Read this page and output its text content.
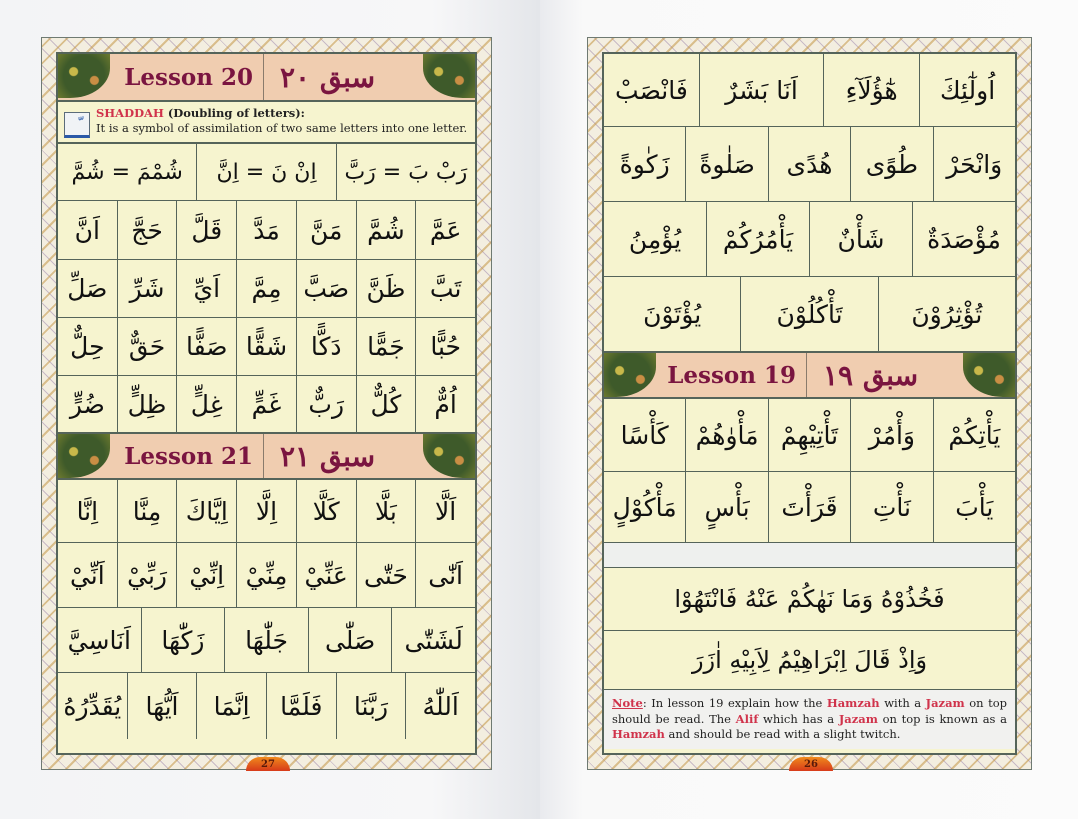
Lesson 20 سبق ٢٠
SHADDAH (Doubling of letters):
It is a symbol of assimilation of two same letters into one letter.
رَبْ بَ = رَبَّ
اِنْ نَ = اِنَّ
شُمْمَ = شُمَّ
عَمَّ
شُمَّ
مَنَّ
مَدَّ
قَلَّ
حَجَّ
اَنَّ
تَبَّ
ظَنَّ
صَبَّ
مِمَّ
اَيِّ
شَرِّ
صَلِّ
حُبًّا
جَمًّا
دَكًّا
شَقًّا
صَفًّا
حَقٌّ
حِلٌّ
اُمٌّ
كُلٌّ
رَبٌّ
غَمٍّ
غِلٍّ
ظِلٍّ
ضُرٍّ
Lesson 21 سبق ٢١
اَلَّا
بَلَّا
كَلَّا
اِلَّا
اِيَّاكَ
مِنَّا
اِنَّا
اَنّٰى
حَتّٰى
عَنِّيْ
مِنِّيْ
اِنِّيْ
رَبِّيْ
اَنِّيْ
لَشَتّٰى
صَلّٰى
جَلّٰهَا
زَكّٰهَا
اَنَاسِيَّ
اَللّٰهُ
رَبَّنَا
فَلَمَّا
اِنَّمَا
اَيُّهَا
يُقَدِّرُهُ
27
اُولٰٓئِكَ
هٰٓؤُلَآءِ
اَنَا بَشَرٌ
فَانْصَبْ
وَانْحَرْ
طُوًى
هُدًى
صَلٰوةً
زَكٰوةً
مُؤْصَدَةٌ
شَأْنٌ
يَأْمُرُكُمْ
يُؤْمِنُ
تُؤْثِرُوْنَ
تَأْكُلُوْنَ
يُؤْتَوْنَ
Lesson 19 سبق ١٩
يَأْتِكُمْ
وَأْمُرْ
تَأْتِيْهِمْ
مَأْوٰهُمْ
كَأْسًا
يَأْبَ
نَأْتِ
قَرَأْتَ
بَأْسٍ
مَأْكُوْلٍ
فَخُذُوْهُ وَمَا نَهٰكُمْ عَنْهُ فَانْتَهُوْا
وَاِذْ قَالَ اِبْرَاهِيْمُ لِاَبِيْهِ اٰزَرَ
Note: In lesson 19 explain how the Hamzah with a Jazam on top should be read. The Alif which has a Jazam on top is known as a Hamzah and should be read with a slight twitch.
26
